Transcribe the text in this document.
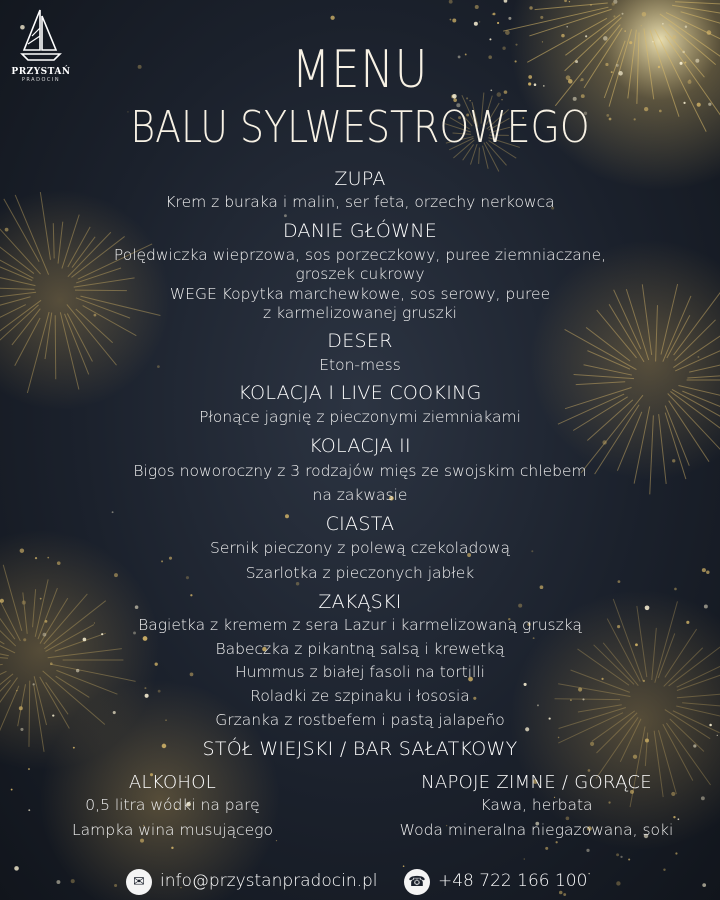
PRZYSTAŃ
PRADOCIN	MENU
BALU SYLWESTROWEGO
ZUPA
Krem z buraka i malin, ser feta, orzechy nerkowca
DANIE GŁÓWNE
Polędwiczka wieprzowa, sos porzeczkowy, puree ziemniaczane,
groszek cukrowy
WEGE Kopytka marchewkowe, sos serowy, puree
z karmelizowanej gruszki
DESER
Eton-mess
KOLACJA I LIVE COOKING
Płonące jagnię z pieczonymi ziemniakami
KOLACJA II
Bigos noworoczny z 3 rodzajów mięs ze swojskim chlebem
na zakwasie
CIASTA
Sernik pieczony z polewą czekoladową
Szarlotka z pieczonych jabłek
ZAKĄSKI
Bagietka z kremem z sera Lazur i karmelizowaną gruszką
Babeczka z pikantną salsą i krewetką
Hummus z białej fasoli na tortilli
Roladki ze szpinaku i łososia
Grzanka z rostbefem i pastą jalapeño
STÓŁ WIEJSKI / BAR SAŁATKOWY
ALKOHOL
0,5 litra wódki na parę
Lampka wina musującego
NAPOJE ZIMNE / GORĄCE
Kawa, herbata
Woda mineralna niegazowana, soki
✉ info@przystanpradocin.pl	☎ +48 722 166 100
